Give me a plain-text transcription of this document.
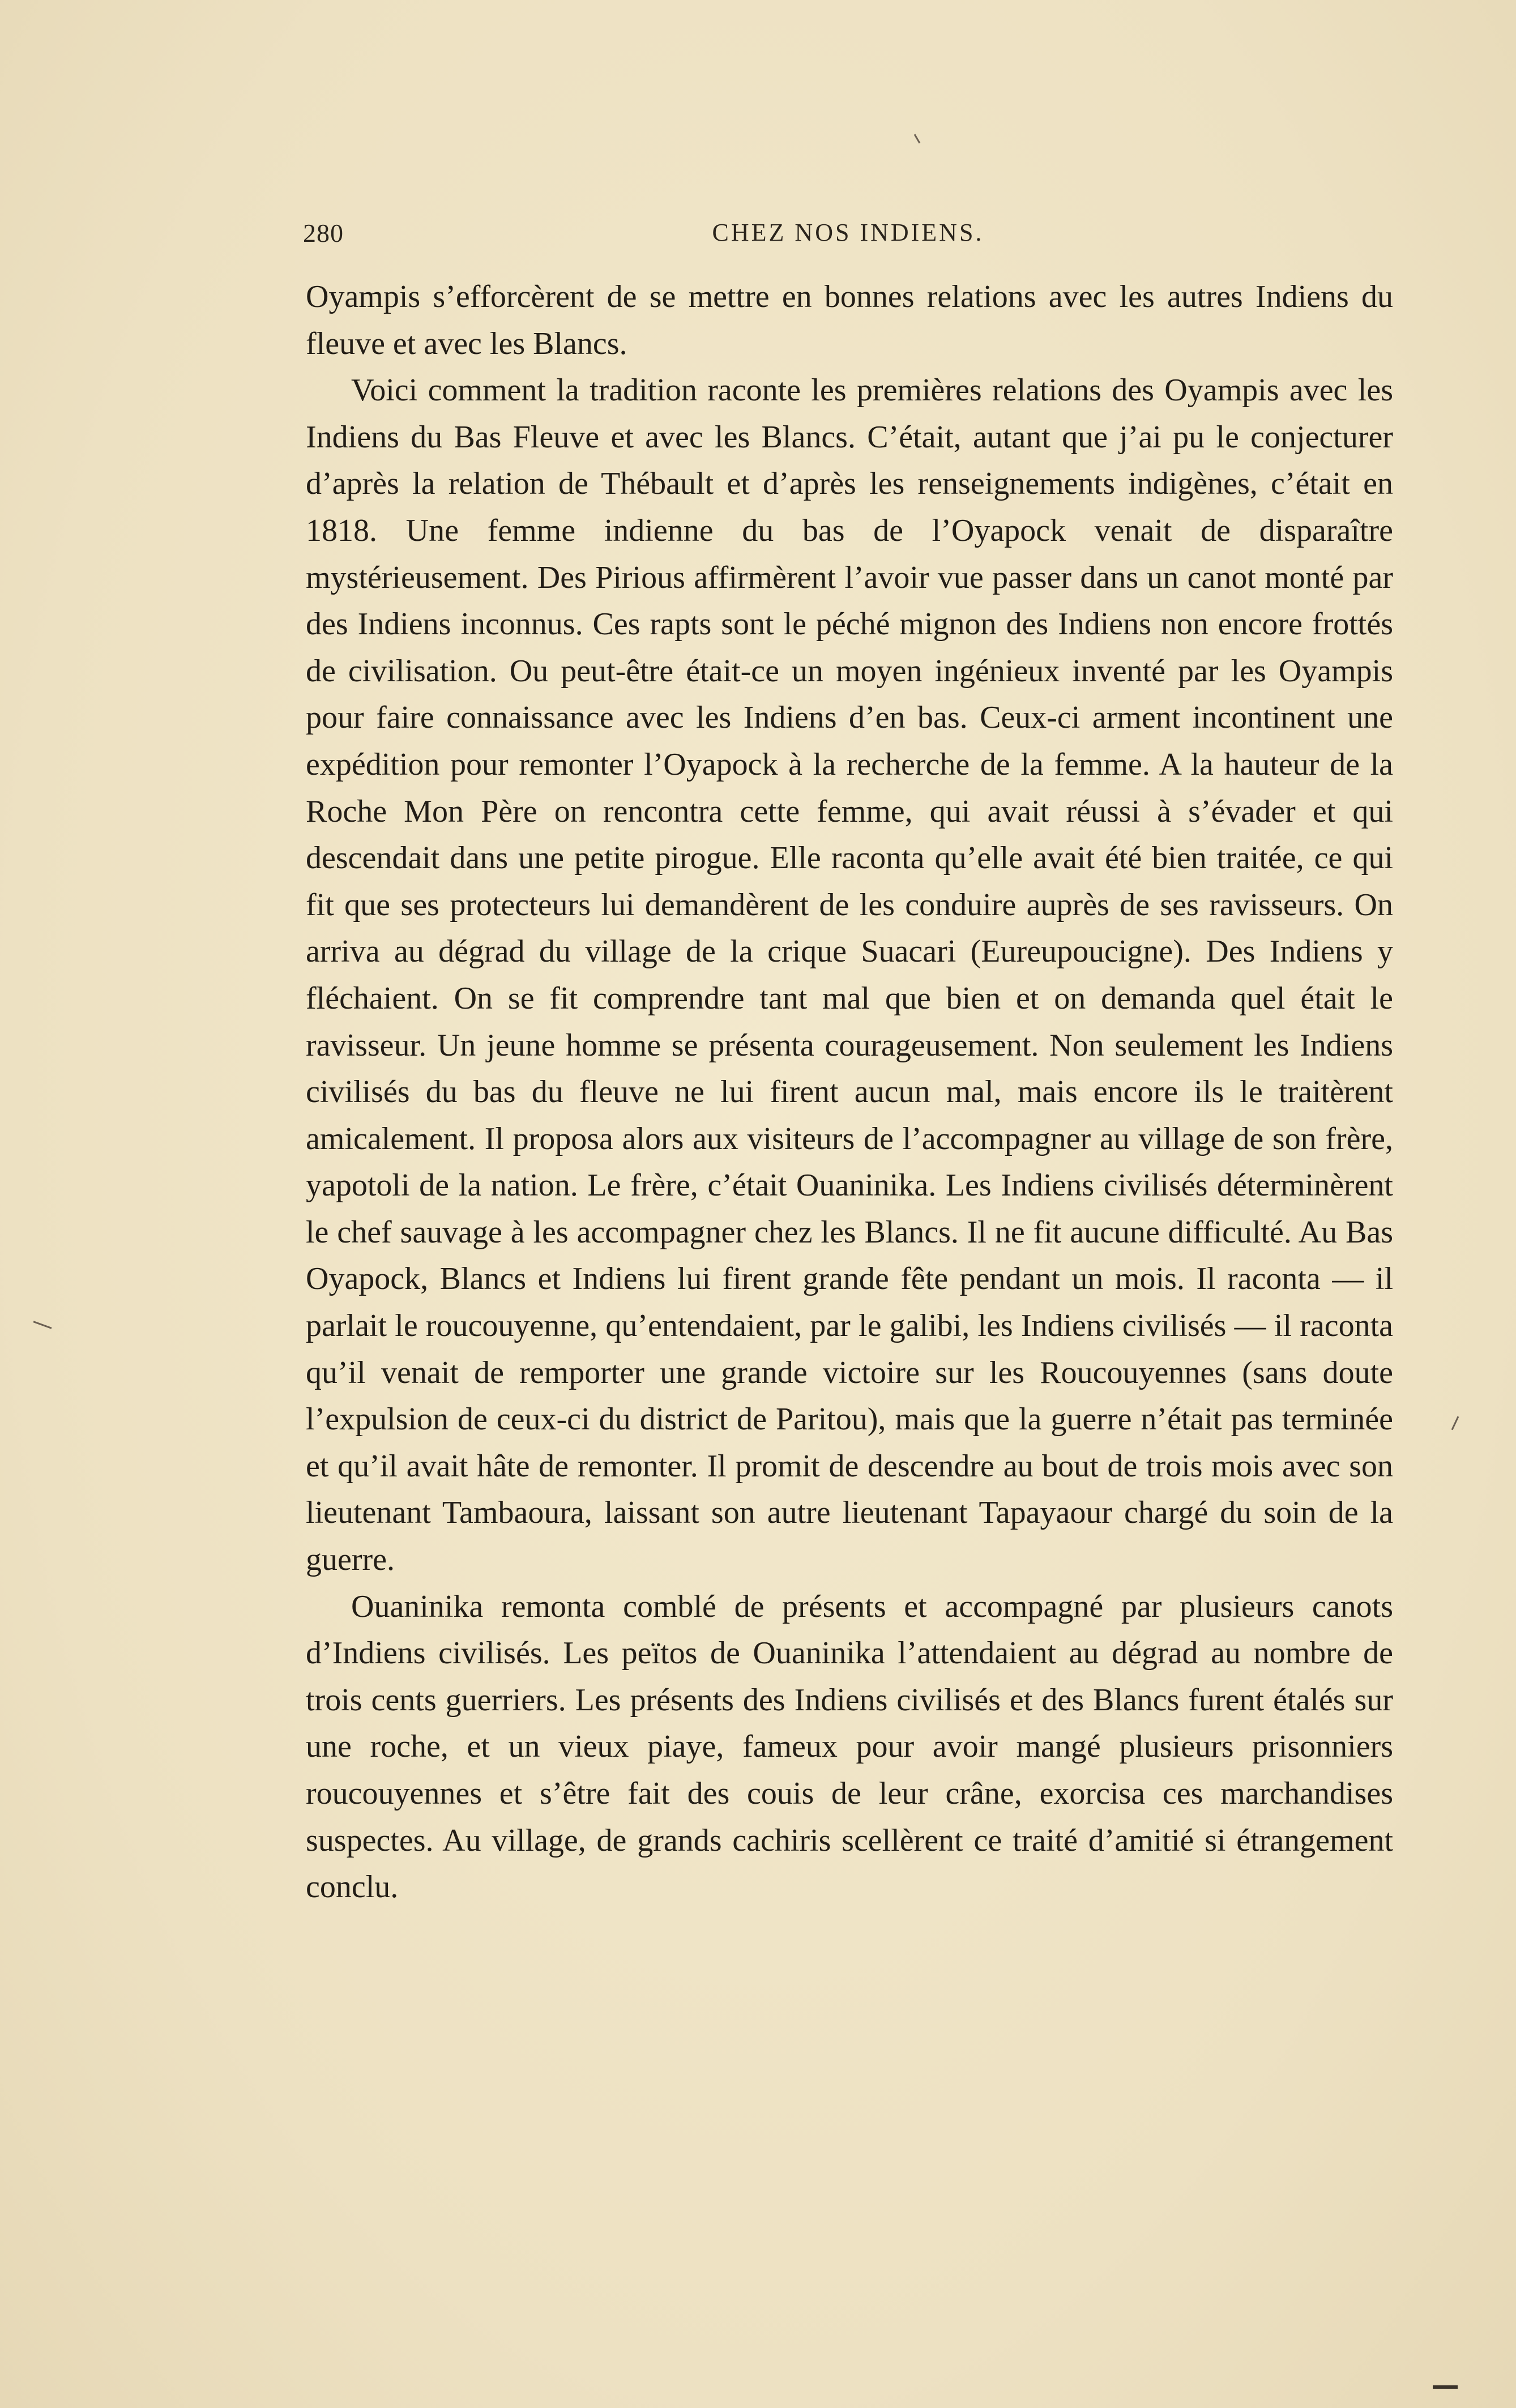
280	CHEZ NOS INDIENS.

Oyampis s’efforcèrent de se mettre en bonnes relations avec les autres Indiens du fleuve et avec les Blancs.

Voici comment la tradition raconte les premières relations des Oyampis avec les Indiens du Bas Fleuve et avec les Blancs. C’était, autant que j’ai pu le conjecturer d’après la relation de Thébault et d’après les renseignements indigènes, c’était en 1818. Une femme indienne du bas de l’Oyapock venait de disparaître mystérieusement. Des Pirious affirmèrent l’avoir vue passer dans un canot monté par des Indiens inconnus. Ces rapts sont le péché mignon des Indiens non encore frottés de civilisation. Ou peut-être était-ce un moyen ingénieux inventé par les Oyampis pour faire connaissance avec les Indiens d’en bas. Ceux-ci arment incontinent une expédition pour remonter l’Oyapock à la recherche de la femme. A la hauteur de la Roche Mon Père on rencontra cette femme, qui avait réussi à s’évader et qui descendait dans une petite pirogue. Elle raconta qu’elle avait été bien traitée, ce qui fit que ses protecteurs lui demandèrent de les conduire auprès de ses ravisseurs. On arriva au dégrad du village de la crique Suacari (Eureupoucigne). Des Indiens y fléchaient. On se fit comprendre tant mal que bien et on demanda quel était le ravisseur. Un jeune homme se présenta courageusement. Non seulement les Indiens civilisés du bas du fleuve ne lui firent aucun mal, mais encore ils le traitèrent amicalement. Il proposa alors aux visiteurs de l’accompagner au village de son frère, yapotoli de la nation. Le frère, c’était Ouaninika. Les Indiens civilisés déterminèrent le chef sauvage à les accompagner chez les Blancs. Il ne fit aucune difficulté. Au Bas Oyapock, Blancs et Indiens lui firent grande fête pendant un mois. Il raconta — il parlait le roucouyenne, qu’entendaient, par le galibi, les Indiens civilisés — il raconta qu’il venait de remporter une grande victoire sur les Roucouyennes (sans doute l’expulsion de ceux-ci du district de Paritou), mais que la guerre n’était pas terminée et qu’il avait hâte de remonter. Il promit de descendre au bout de trois mois avec son lieutenant Tambaoura, laissant son autre lieutenant Tapayaour chargé du soin de la guerre.

Ouaninika remonta comblé de présents et accompagné par plusieurs canots d’Indiens civilisés. Les peïtos de Ouaninika l’attendaient au dégrad au nombre de trois cents guerriers. Les présents des Indiens civilisés et des Blancs furent étalés sur une roche, et un vieux piaye, fameux pour avoir mangé plusieurs prisonniers roucouyennes et s’être fait des couis de leur crâne, exorcisa ces marchandises suspectes. Au village, de grands cachiris scellèrent ce traité d’amitié si étrangement conclu.
